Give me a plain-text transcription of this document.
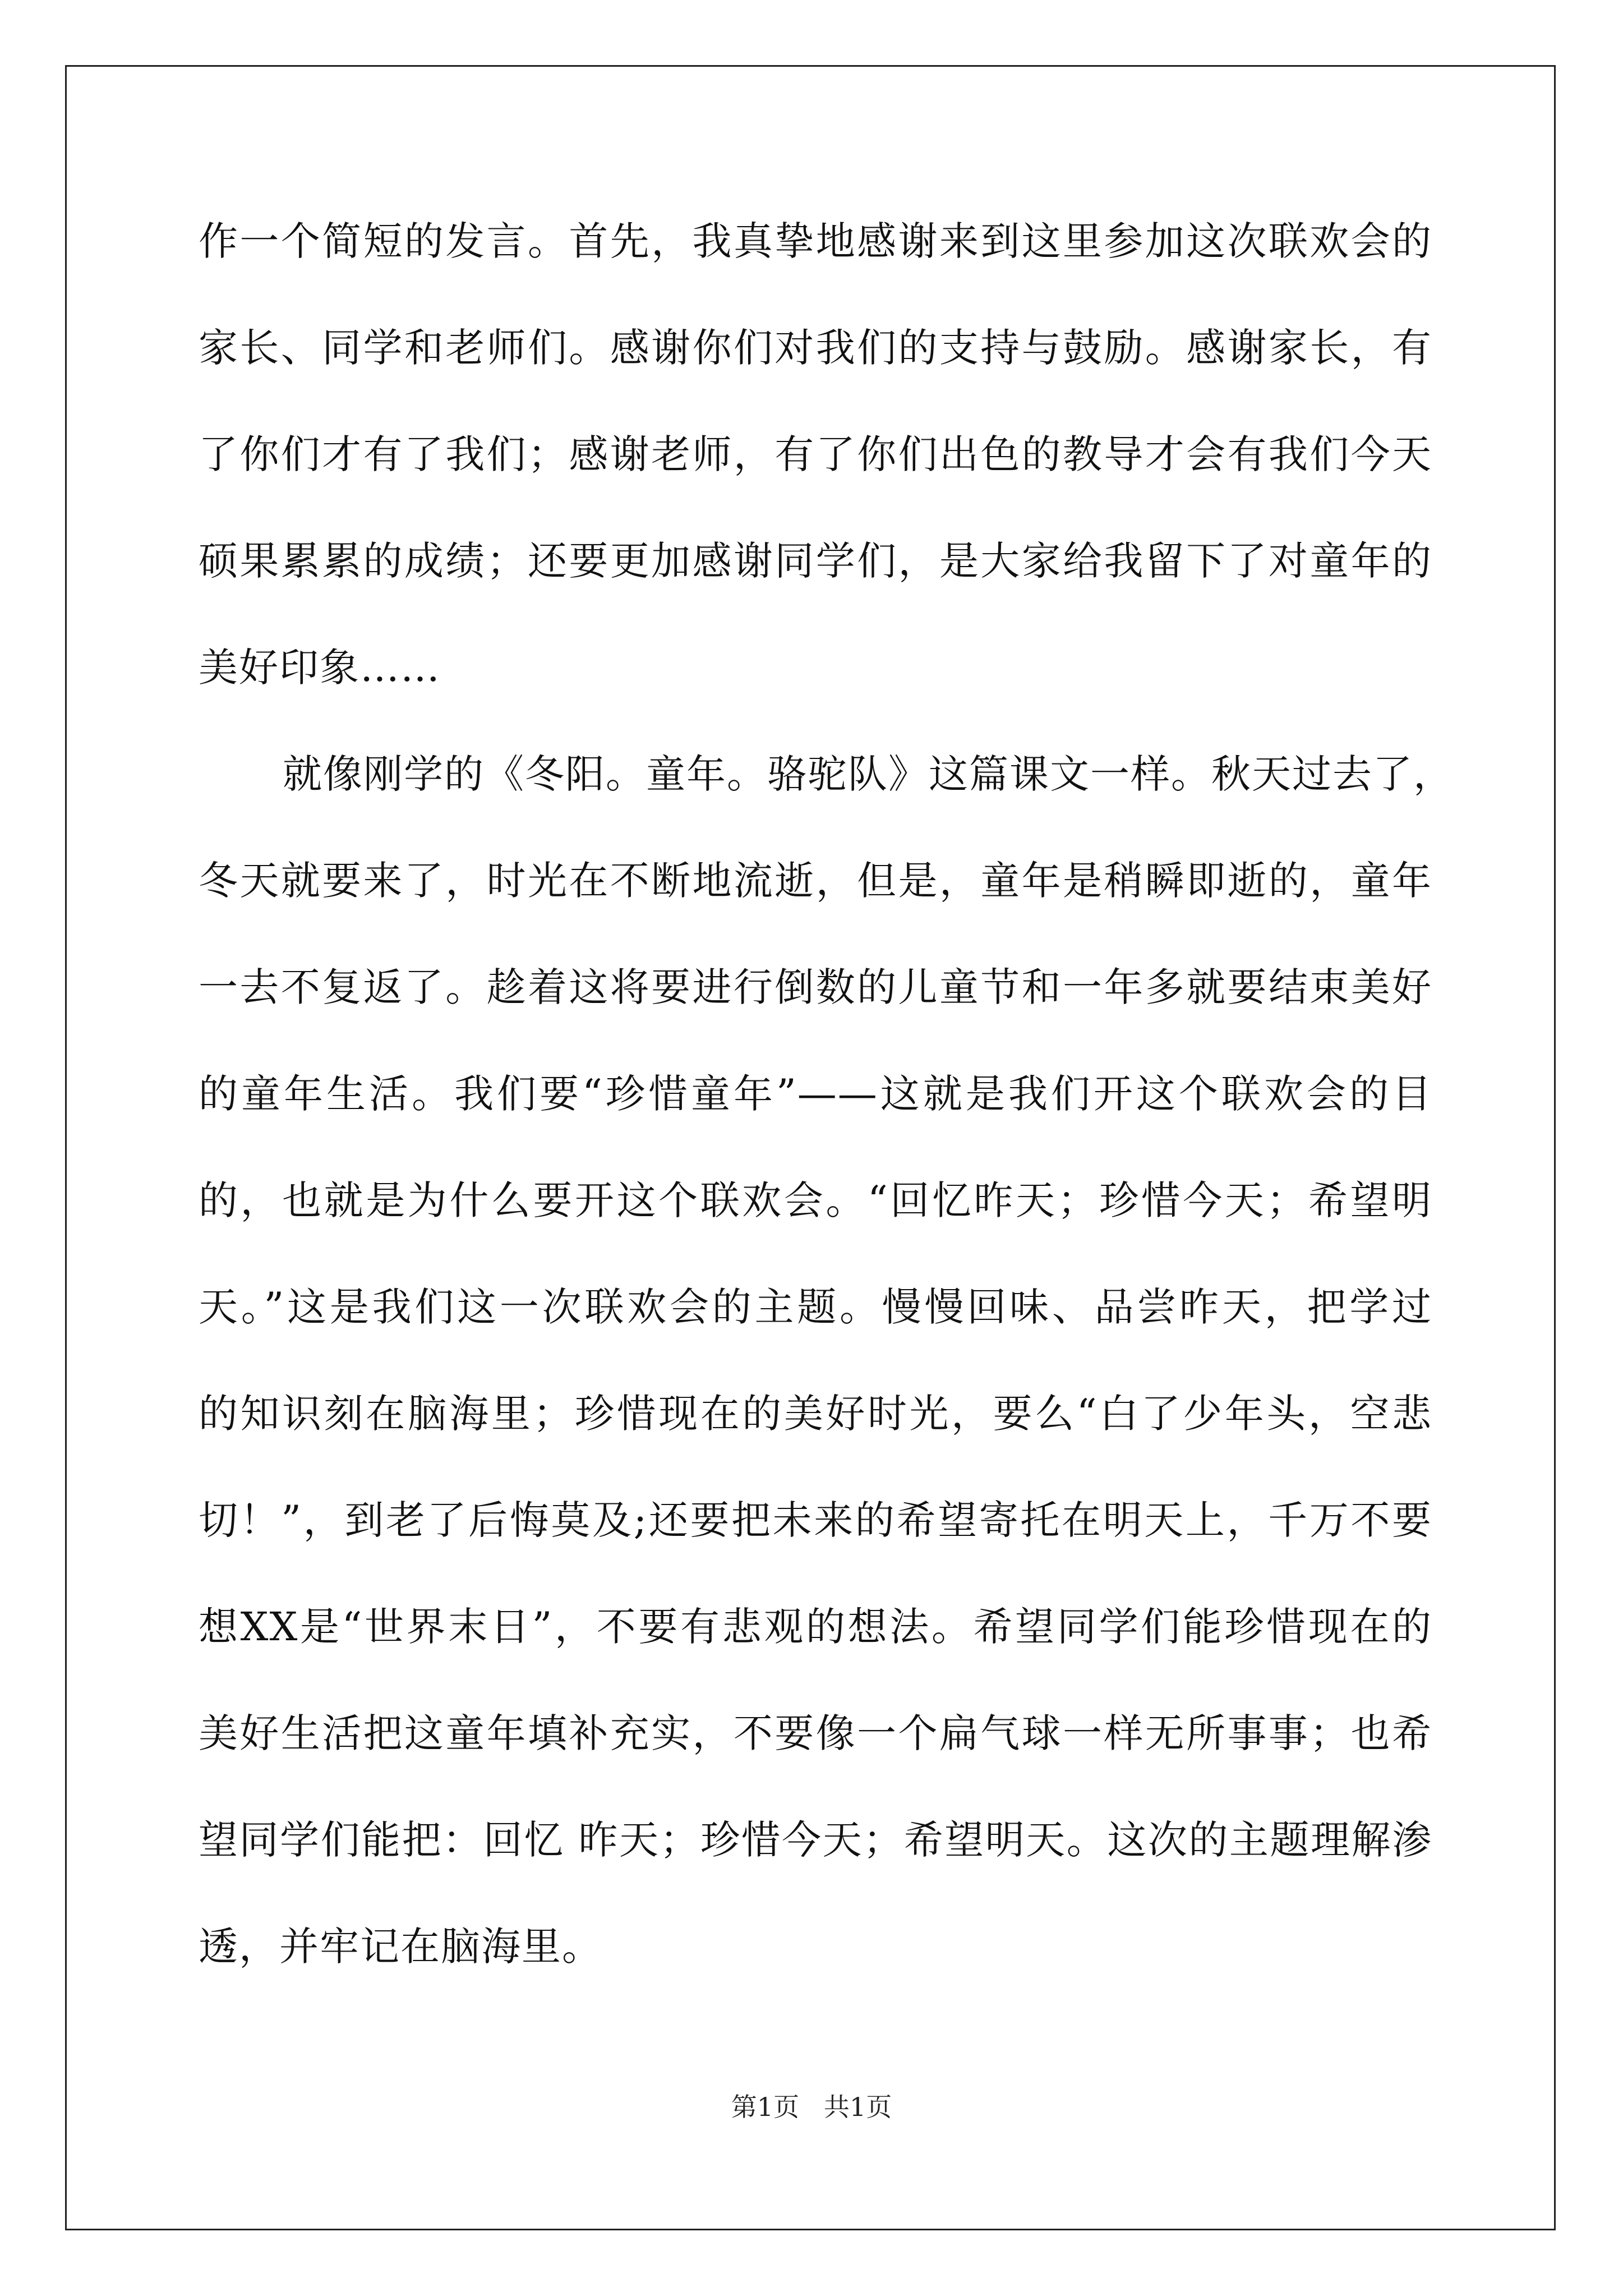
作一个简短的发言。首先，我真挚地感谢来到这里参加这次联欢会的
家长、同学和老师们。感谢你们对我们的支持与鼓励。感谢家长，有
了你们才有了我们；感谢老师，有了你们出色的教导才会有我们今天
硕果累累的成绩；还要更加感谢同学们，是大家给我留下了对童年的
美好印象……
就像刚学的《冬阳。童年。骆驼队》这篇课文一样。秋天过去了，
冬天就要来了，时光在不断地流逝，但是，童年是稍瞬即逝的，童年
一去不复返了。趁着这将要进行倒数的儿童节和一年多就要结束美好
的童年生活。我们要“珍惜童年”——这就是我们开这个联欢会的目
的，也就是为什么要开这个联欢会。“回忆昨天；珍惜今天；希望明
天。”这是我们这一次联欢会的主题。慢慢回味、品尝昨天，把学过
的知识刻在脑海里；珍惜现在的美好时光，要么“白了少年头，空悲
切！”，到老了后悔莫及;还要把未来的希望寄托在明天上，千万不要
想XX是“世界末日”，不要有悲观的想法。希望同学们能珍惜现在的
美好生活把这童年填补充实，不要像一个扁气球一样无所事事；也希
望同学们能把：回忆 昨天；珍惜今天；希望明天。这次的主题理解渗
透，并牢记在脑海里。
第1页   共1页
